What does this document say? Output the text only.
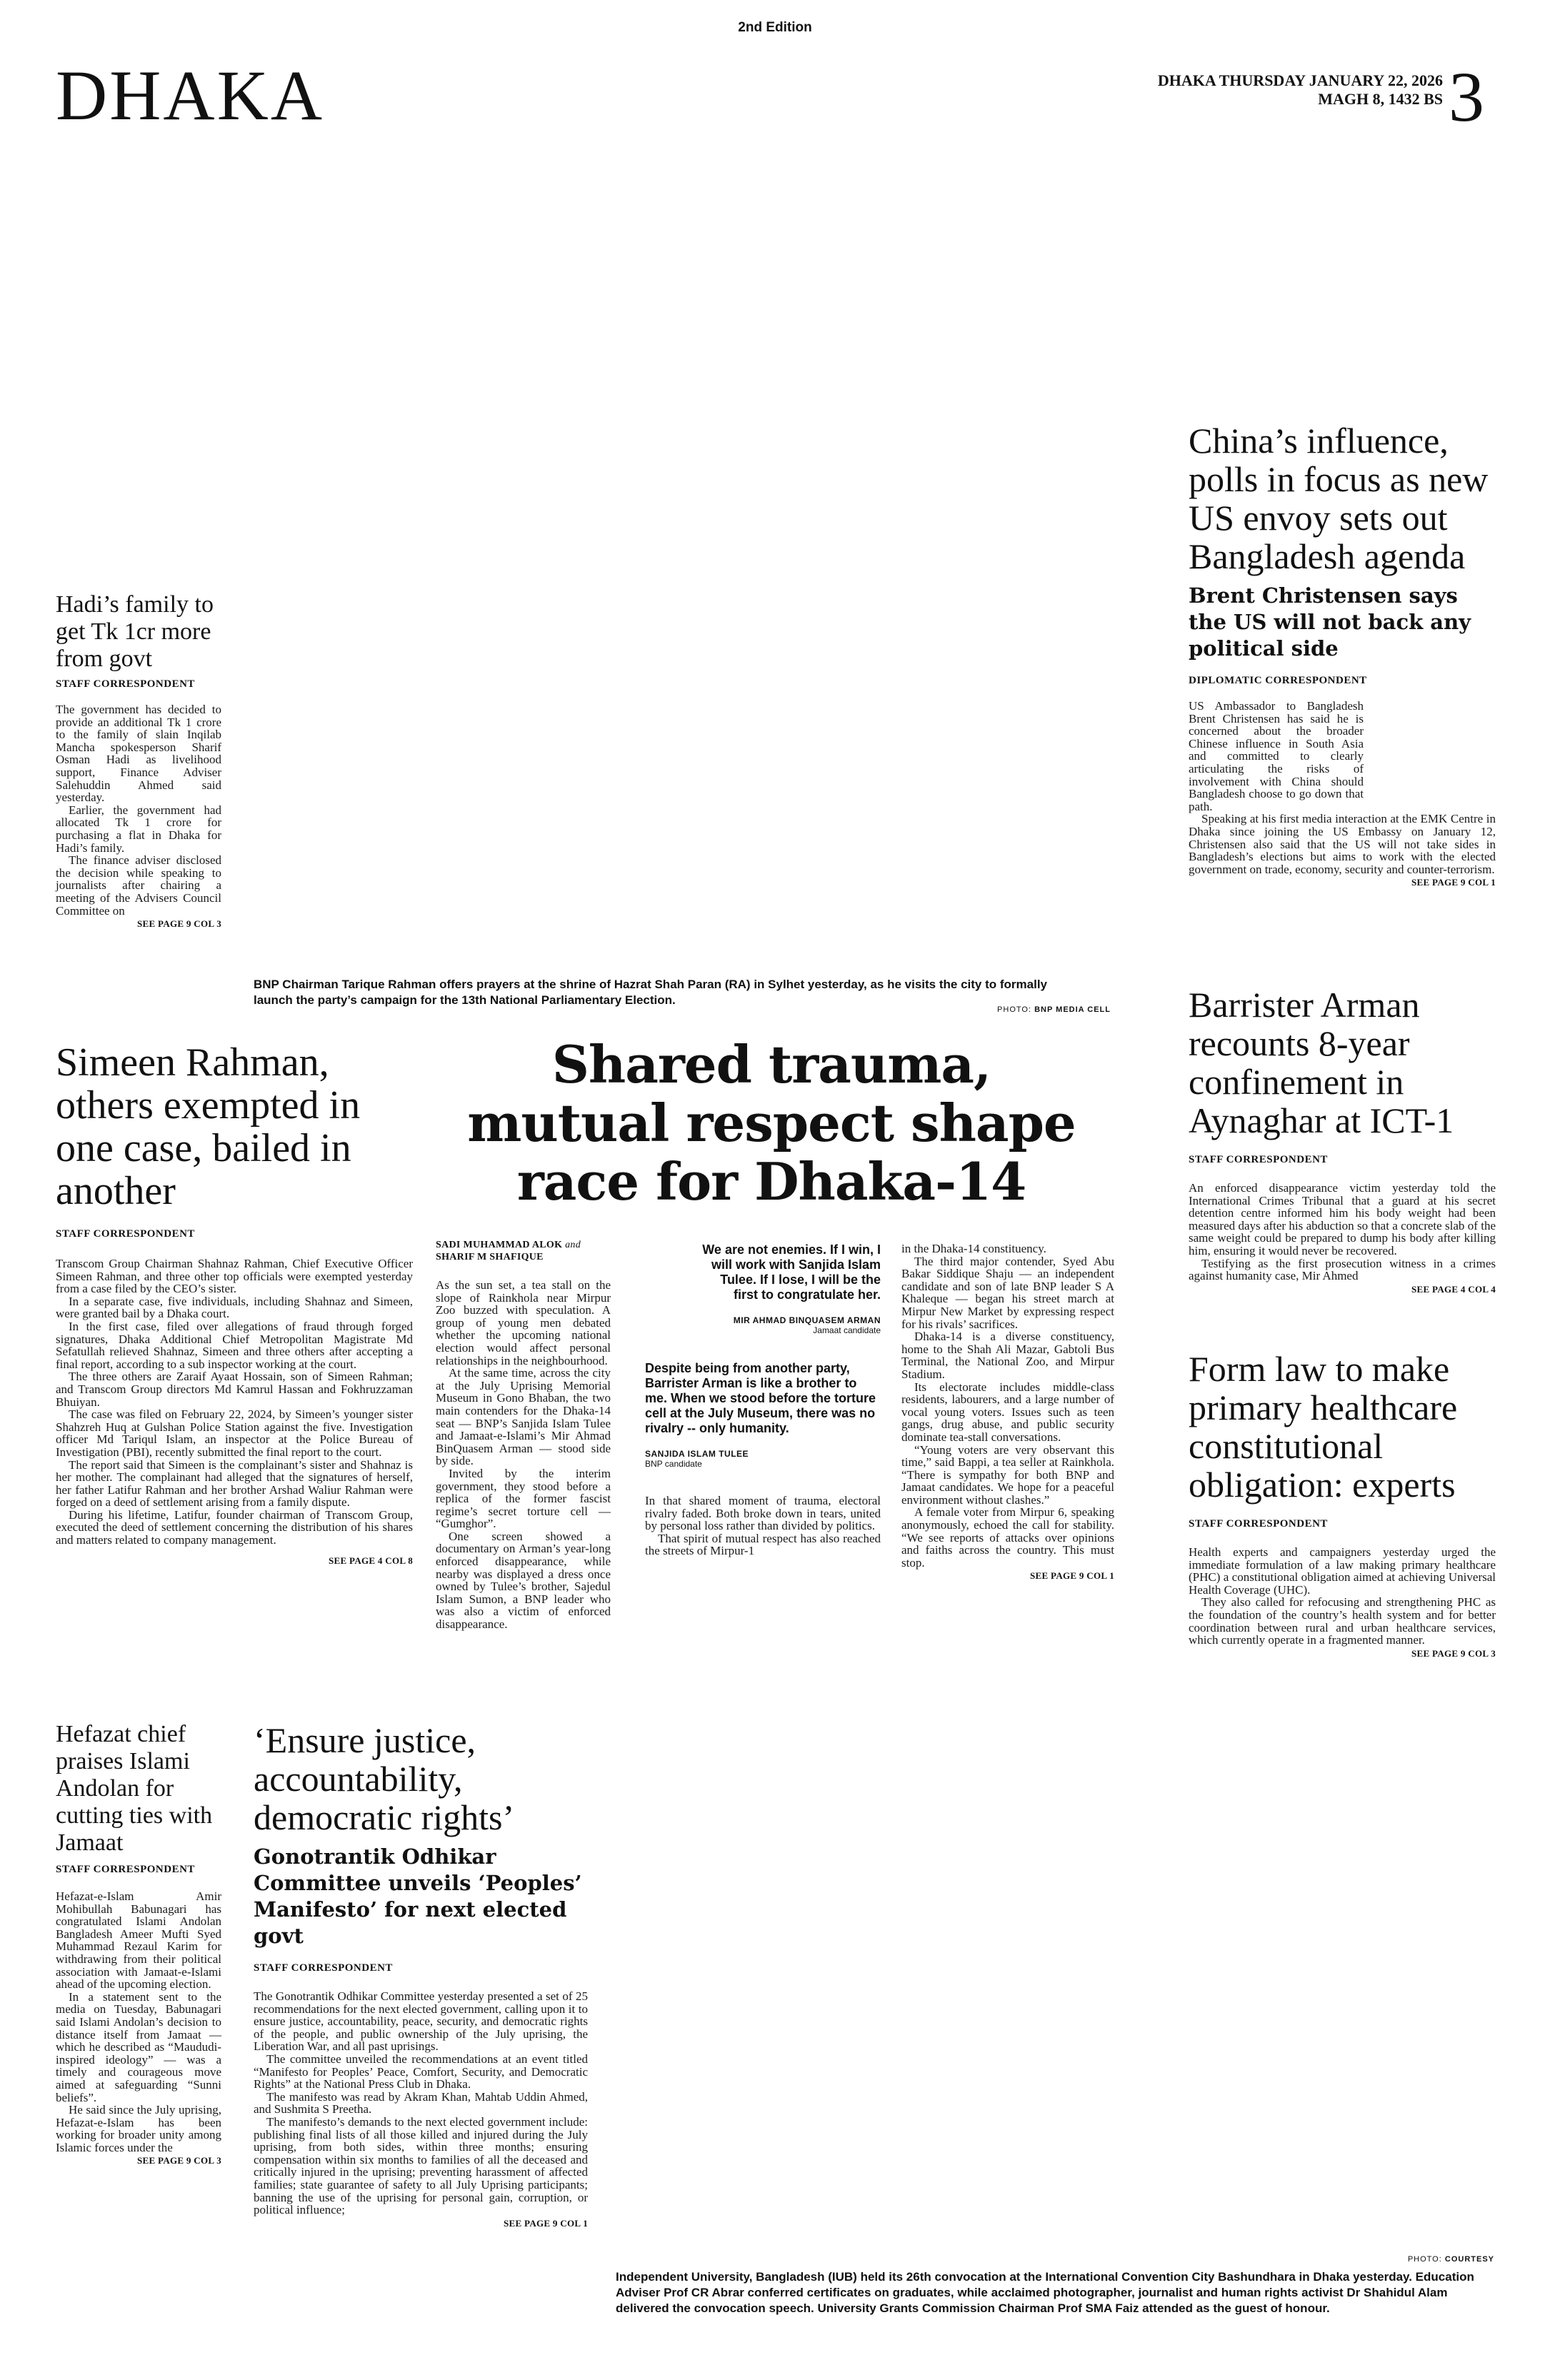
2nd Edition
DHAKA	DHAKA THURSDAY JANUARY 22, 2026
MAGH 8, 1432 BS 3
Hadi’s family to get Tk 1cr more from govt
STAFF CORRESPONDENT

The government has decided to provide an additional Tk 1 crore to the family of slain Inqilab Mancha spokesperson Sharif Osman Hadi as livelihood support, Finance Adviser Salehuddin Ahmed said yesterday.

Earlier, the government had allocated Tk 1 crore for purchasing a flat in Dhaka for Hadi’s family.

The finance adviser disclosed the decision while speaking to journalists after chairing a meeting of the Advisers Council Committee on

SEE PAGE 9 COL 3
BNP Chairman Tarique Rahman offers prayers at the shrine of Hazrat Shah Paran (RA) in Sylhet yesterday, as he visits the city to formally launch the party’s campaign for the 13th National Parliamentary Election.
PHOTO: BNP MEDIA CELL
China’s influence, polls in focus as new US envoy sets out Bangladesh agenda
Brent Christensen says the US will not back any political side
DIPLOMATIC CORRESPONDENT

US Ambassador to Bangladesh Brent Christensen has said he is concerned about the broader Chinese influence in South Asia and committed to clearly articulating the risks of involvement with China should Bangladesh choose to go down that path.

Speaking at his first media interaction at the EMK Centre in Dhaka since joining the US Embassy on January 12, Christensen also said that the US will not take sides in Bangladesh’s elections but aims to work with the elected government on trade, economy, security and counter-terrorism.

SEE PAGE 9 COL 1
Simeen Rahman, others exempted in one case, bailed in another
STAFF CORRESPONDENT

Transcom Group Chairman Shahnaz Rahman, Chief Executive Officer Simeen Rahman, and three other top officials were exempted yesterday from a case filed by the CEO’s sister.

In a separate case, five individuals, including Shahnaz and Simeen, were granted bail by a Dhaka court.

In the first case, filed over allegations of fraud through forged signatures, Dhaka Additional Chief Metropolitan Magistrate Md Sefatullah relieved Shahnaz, Simeen and three others after accepting a final report, according to a sub inspector working at the court.

The three others are Zaraif Ayaat Hossain, son of Simeen Rahman; and Transcom Group directors Md Kamrul Hassan and Fokhruzzaman Bhuiyan.

The case was filed on February 22, 2024, by Simeen’s younger sister Shahzreh Huq at Gulshan Police Station against the five. Investigation officer Md Tariqul Islam, an inspector at the Police Bureau of Investigation (PBI), recently submitted the final report to the court.

The report said that Simeen is the complainant’s sister and Shahnaz is her mother. The complainant had alleged that the signatures of herself, her father Latifur Rahman and her brother Arshad Waliur Rahman were forged on a deed of settlement arising from a family dispute.

During his lifetime, Latifur, founder chairman of Transcom Group, executed the deed of settlement concerning the distribution of his shares and matters related to company management.

SEE PAGE 4 COL 8
Shared trauma,
mutual respect shape
race for Dhaka-14
SADI MUHAMMAD ALOK and
SHARIF M SHAFIQUE

As the sun set, a tea stall on the slope of Rainkhola near Mirpur Zoo buzzed with speculation. A group of young men debated whether the upcoming national election would affect personal relationships in the neighbourhood.

At the same time, across the city at the July Uprising Memorial Museum in Gono Bhaban, the two main contenders for the Dhaka-14 seat — BNP’s Sanjida Islam Tulee and Jamaat-e-Islami’s Mir Ahmad BinQuasem Arman — stood side by side.

Invited by the interim government, they stood before a replica of the former fascist regime’s secret torture cell — “Gumghor”.

One screen showed a documentary on Arman’s year-long enforced disappearance, while nearby was displayed a dress once owned by Tulee’s brother, Sajedul Islam Sumon, a BNP leader who was also a victim of enforced disappearance.

We are not enemies. If I win, I will work with Sanjida Islam Tulee. If I lose, I will be the first to congratulate her.
MIR AHMAD BINQUASEM ARMAN
Jamaat candidate
Despite being from another party, Barrister Arman is like a brother to me. When we stood before the torture cell at the July Museum, there was no rivalry -- only humanity.
SANJIDA ISLAM TULEE
BNP candidate

In that shared moment of trauma, electoral rivalry faded. Both broke down in tears, united by personal loss rather than divided by politics.

That spirit of mutual respect has also reached the streets of Mirpur-1

in the Dhaka-14 constituency.

The third major contender, Syed Abu Bakar Siddique Shaju — an independent candidate and son of late BNP leader S A Khaleque — began his street march at Mirpur New Market by expressing respect for his rivals’ sacrifices.

Dhaka-14 is a diverse constituency, home to the Shah Ali Mazar, Gabtoli Bus Terminal, the National Zoo, and Mirpur Stadium.

Its electorate includes middle-class residents, labourers, and a large number of vocal young voters. Issues such as teen gangs, drug abuse, and public security dominate tea-stall conversations.

“Young voters are very observant this time,” said Bappi, a tea seller at Rainkhola. “There is sympathy for both BNP and Jamaat candidates. We hope for a peaceful environment without clashes.”

A female voter from Mirpur 6, speaking anonymously, echoed the call for stability. “We see reports of attacks over opinions and faiths across the country. This must stop.

SEE PAGE 9 COL 1
Barrister Arman recounts 8-year confinement in Aynaghar at ICT-1
STAFF CORRESPONDENT

An enforced disappearance victim yesterday told the International Crimes Tribunal that a guard at his secret detention centre informed him his body weight had been measured days after his abduction so that a concrete slab of the same weight could be prepared to dump his body after killing him, ensuring it would never be recovered.

Testifying as the first prosecution witness in a crimes against humanity case, Mir Ahmed

SEE PAGE 4 COL 4
Form law to make primary healthcare constitutional obligation: experts
STAFF CORRESPONDENT

Health experts and campaigners yesterday urged the immediate formulation of a law making primary healthcare (PHC) a constitutional obligation aimed at achieving Universal Health Coverage (UHC).

They also called for refocusing and strengthening PHC as the foundation of the country’s health system and for better coordination between rural and urban healthcare services, which currently operate in a fragmented manner.

SEE PAGE 9 COL 3
Hefazat chief praises Islami Andolan for cutting ties with Jamaat
STAFF CORRESPONDENT

Hefazat-e-Islam Amir Mohibullah Babunagari has congratulated Islami Andolan Bangladesh Ameer Mufti Syed Muhammad Rezaul Karim for withdrawing from their political association with Jamaat-e-Islami ahead of the upcoming election.

In a statement sent to the media on Tuesday, Babunagari said Islami Andolan’s decision to distance itself from Jamaat — which he described as “Maududi-inspired ideology” — was a timely and courageous move aimed at safeguarding “Sunni beliefs”.

He said since the July uprising, Hefazat-e-Islam has been working for broader unity among Islamic forces under the

SEE PAGE 9 COL 3
‘Ensure justice, accountability, democratic rights’
Gonotrantik Odhikar Committee unveils ‘Peoples’ Manifesto’ for next elected govt
STAFF CORRESPONDENT

The Gonotrantik Odhikar Committee yesterday presented a set of 25 recommendations for the next elected government, calling upon it to ensure justice, accountability, peace, security, and democratic rights of the people, and public ownership of the July uprising, the Liberation War, and all past uprisings.

The committee unveiled the recommendations at an event titled “Manifesto for Peoples’ Peace, Comfort, Security, and Democratic Rights” at the National Press Club in Dhaka.

The manifesto was read by Akram Khan, Mahtab Uddin Ahmed, and Sushmita S Preetha.

The manifesto’s demands to the next elected government include: publishing final lists of all those killed and injured during the July uprising, from both sides, within three months; ensuring compensation within six months to families of all the deceased and critically injured in the uprising; preventing harassment of affected families; state guarantee of safety to all July Uprising participants; banning the use of the uprising for personal gain, corruption, or political influence;

SEE PAGE 9 COL 1
PHOTO: COURTESY
Independent University, Bangladesh (IUB) held its 26th convocation at the International Convention City Bashundhara in Dhaka yesterday. Education Adviser Prof CR Abrar conferred certificates on graduates, while acclaimed photographer, journalist and human rights activist Dr Shahidul Alam delivered the convocation speech. University Grants Commission Chairman Prof SMA Faiz attended as the guest of honour.
